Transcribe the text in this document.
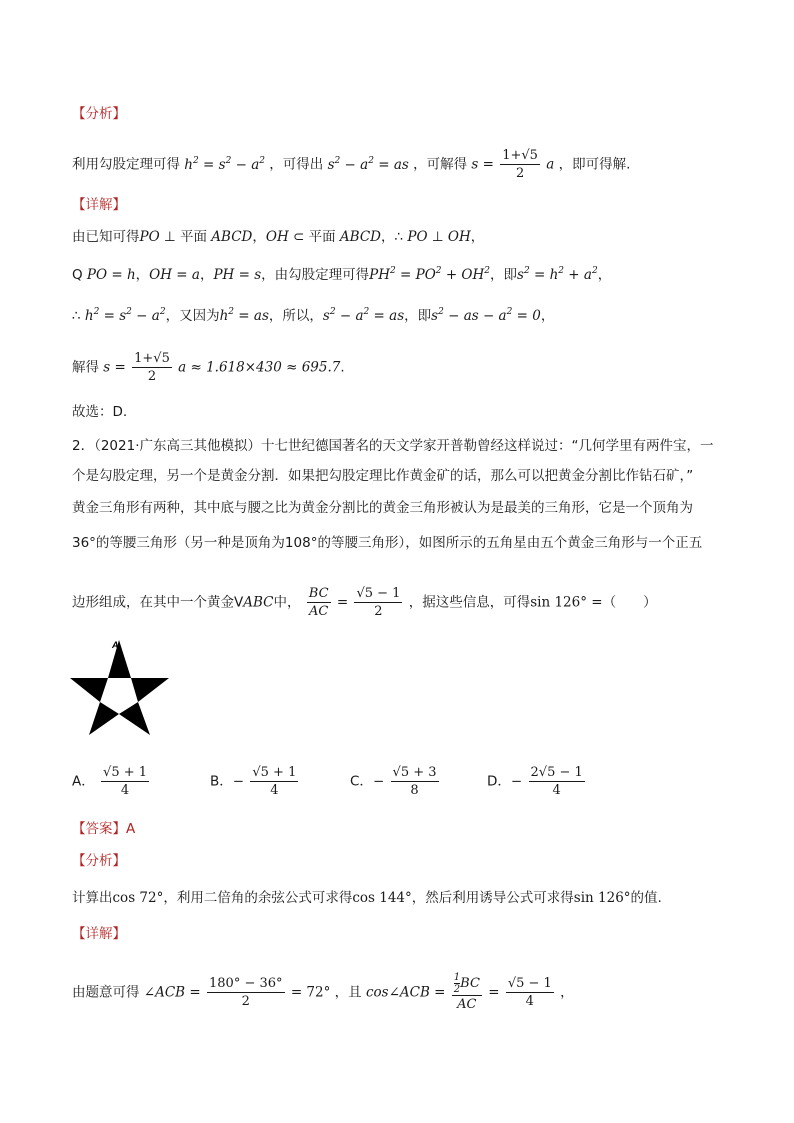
【分析】
利用勾股定理可得 $h^2 = s^2 - a^2$ ，可得出 $s^2 - a^2$ = as ，可解得 $s = \frac{1+√5}{2}$ a ，即可得解.
【详解】
由已知可得PO ⊥ 平面 ABCD，OH ⊂ 平面 ABCD，∴ PO ⊥ OH，
Q PO = h，OH = a，PH = s，由勾股定理可得$PH^2 = PO^2 + OH^2$，即$s^2 = h^2 + a^2$，
∴ $h^2 = s^2 - a^2$，又因为$h^2$ = as，所以，$s^2 - a^2$ = as，即$s^2$ − as − $a^2 = 0$，
解得 $s = \frac{1+√5}{2}$ a ≈ 1.618×430 ≈ 695.7.
故选：D.
2．（2021·广东高三其他模拟）十七世纪德国著名的天文学家开普勒曾经这样说过：“几何学里有两件宝，一
个是勾股定理，另一个是黄金分割．如果把勾股定理比作黄金矿的话，那么可以把黄金分割比作钻石矿，”
黄金三角形有两种，其中底与腰之比为黄金分割比的黄金三角形被认为是最美的三角形，它是一个顶角为
36°的等腰三角形（另一种是顶角为108°的等腰三角形），如图所示的五角星由五个黄金三角形与一个正五
边形组成，在其中一个黄金VABC中， $\frac{BC}{AC} = \frac{√5 - 1}{2}$ ，据这些信息，可得sin 126° =（　　）
A
B	C
A． $\frac{√5 + 1}{4}$	B．− $\frac{√5 + 1}{4}$	C．− $\frac{√5 + 3}{8}$	D．− $\frac{2√5 - 1}{4}$
【答案】A
【分析】
计算出cos 72°，利用二倍角的余弦公式可求得cos 144°，然后利用诱导公式可求得sin 126°的值.
【详解】
由题意可得 ∠ACB = $\frac{180^\circ - 36^\circ}{2} = 72^\circ$ ，且 cos∠ACB = $\frac{\frac{1}{2} BC}{AC} = \frac{√5 - 1}{4}$ ，
